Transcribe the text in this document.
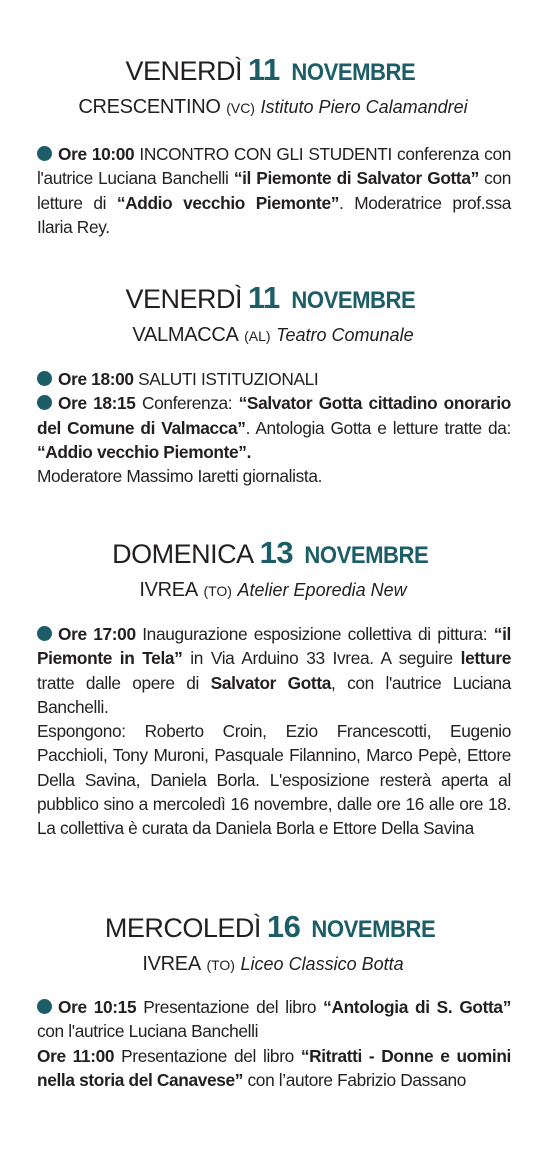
VENERDÌ 11 NOVEMBRE
CRESCENTINO (VC) Istituto Piero Calamandrei

Ore 10:00 INCONTRO CON GLI STUDENTI conferenza con l'autrice Luciana Banchelli “il Piemonte di Salvator Gotta” con letture di “Addio vecchio Piemonte”. Moderatrice prof.ssa Ilaria Rey.

VENERDÌ 11 NOVEMBRE
VALMACCA (AL) Teatro Comunale

Ore 18:00 SALUTI ISTITUZIONALI

Ore 18:15 Conferenza: “Salvator Gotta cittadino onorario del Comune di Valmacca”. Antologia Gotta e letture tratte da: “Addio vecchio Piemonte”.

Moderatore Massimo Iaretti giornalista.

DOMENICA 13 NOVEMBRE
IVREA (TO) Atelier Eporedia New

Ore 17:00 Inaugurazione esposizione collettiva di pittura: “il Piemonte in Tela” in Via Arduino 33 Ivrea. A seguire letture tratte dalle opere di Salvator Gotta, con l'autrice Luciana Banchelli.

Espongono: Roberto Croin, Ezio Francescotti, Eugenio Pacchioli, Tony Muroni, Pasquale Filannino, Marco Pepè, Ettore Della Savina, Daniela Borla. L'esposizione resterà aperta al pubblico sino a mercoledì 16 novembre, dalle ore 16 alle ore 18. La collettiva è curata da Daniela Borla e Ettore Della Savina

MERCOLEDÌ 16 NOVEMBRE
IVREA (TO) Liceo Classico Botta

Ore 10:15 Presentazione del libro “Antologia di S. Gotta” con l'autrice Luciana Banchelli

Ore 11:00 Presentazione del libro “Ritratti - Donne e uomini nella storia del Canavese” con l’autore Fabrizio Dassano
